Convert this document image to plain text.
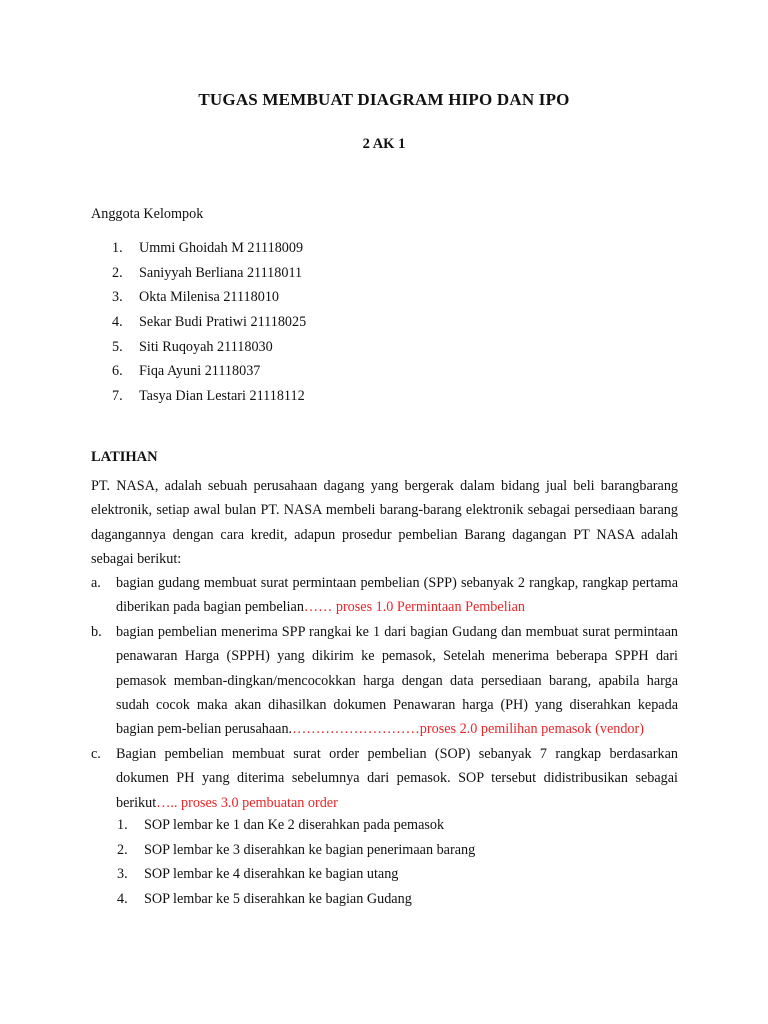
TUGAS MEMBUAT DIAGRAM HIPO DAN IPO
2 AK 1
Anggota Kelompok
1.	Ummi Ghoidah M 21118009
2.	Saniyyah Berliana 21118011
3.	Okta Milenisa 21118010
4.	Sekar Budi Pratiwi 21118025
5.	Siti Ruqoyah 21118030
6.	Fiqa Ayuni 21118037
7.	Tasya Dian Lestari 21118112
LATIHAN

PT. NASA, adalah sebuah perusahaan dagang yang bergerak dalam bidang jual beli barangbarang elektronik, setiap awal bulan PT. NASA membeli barang-barang elektronik sebagai persediaan barang dagangannya dengan cara kredit, adapun prosedur pembelian Barang dagangan PT NASA adalah sebagai berikut:

a.	bagian gudang membuat surat permintaan pembelian (SPP) sebanyak 2 rangkap, rangkap pertama diberikan pada bagian pembelian…… proses 1.0 Permintaan Pembelian
b.	bagian pembelian menerima SPP rangkai ke 1 dari bagian Gudang dan membuat surat permintaan penawaran Harga (SPPH) yang dikirim ke pemasok, Setelah menerima beberapa SPPH dari pemasok memban-dingkan/mencocokkan harga dengan data persediaan barang, apabila harga sudah cocok maka akan dihasilkan dokumen Penawaran harga (PH) yang diserahkan kepada bagian pem-belian perusahaan.………………………proses 2.0 pemilihan pemasok (vendor)
c.	Bagian pembelian membuat surat order pembelian (SOP) sebanyak 7 rangkap berdasarkan dokumen PH yang diterima sebelumnya dari pemasok. SOP tersebut didistribusikan sebagai berikut….. proses 3.0 pembuatan order
1.	SOP lembar ke 1 dan Ke 2 diserahkan pada pemasok
2.	SOP lembar ke 3 diserahkan ke bagian penerimaan barang
3.	SOP lembar ke 4 diserahkan ke bagian utang
4.	SOP lembar ke 5 diserahkan ke bagian Gudang
